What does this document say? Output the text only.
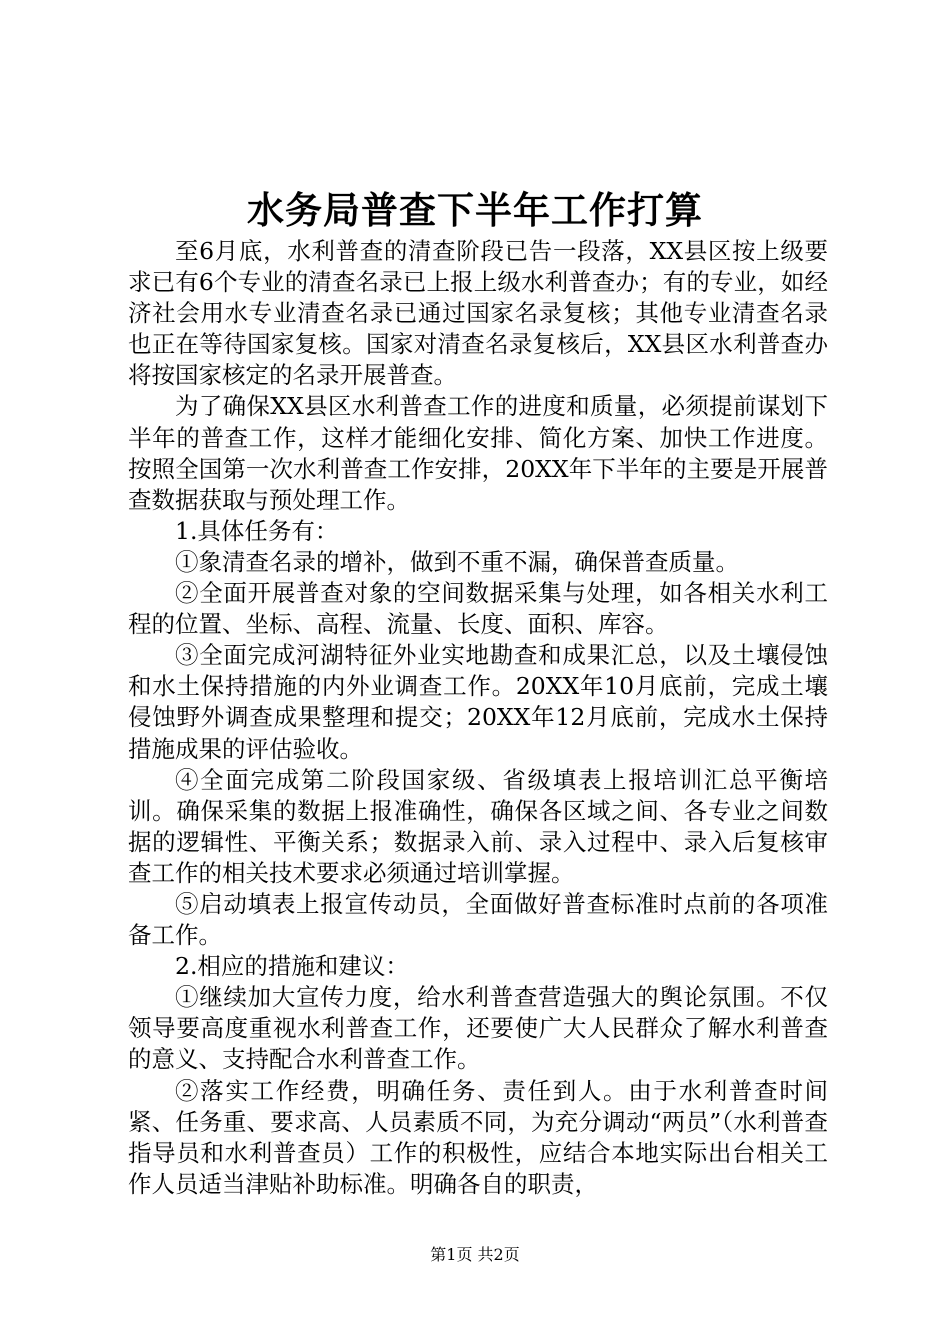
水务局普查下半年工作打算

至6月底，水利普查的清查阶段已告一段落，XX县区按上级要求已有6个专业的清查名录已上报上级水利普查办；有的专业，如经济社会用水专业清查名录已通过国家名录复核；其他专业清查名录也正在等待国家复核。国家对清查名录复核后，XX县区水利普查办将按国家核定的名录开展普查。

为了确保XX县区水利普查工作的进度和质量，必须提前谋划下半年的普查工作，这样才能细化安排、简化方案、加快工作进度。按照全国第一次水利普查工作安排，20XX年下半年的主要是开展普查数据获取与预处理工作。

1.具体任务有：

①象清查名录的增补，做到不重不漏，确保普查质量。

②全面开展普查对象的空间数据采集与处理，如各相关水利工程的位置、坐标、高程、流量、长度、面积、库容。

③全面完成河湖特征外业实地勘查和成果汇总，以及土壤侵蚀和水土保持措施的内外业调查工作。20XX年10月底前，完成土壤侵蚀野外调查成果整理和提交；20XX年12月底前，完成水土保持措施成果的评估验收。

④全面完成第二阶段国家级、省级填表上报培训汇总平衡培训。确保采集的数据上报准确性，确保各区域之间、各专业之间数据的逻辑性、平衡关系；数据录入前、录入过程中、录入后复核审查工作的相关技术要求必须通过培训掌握。

⑤启动填表上报宣传动员，全面做好普查标准时点前的各项准备工作。

2.相应的措施和建议：

①继续加大宣传力度，给水利普查营造强大的舆论氛围。不仅领导要高度重视水利普查工作，还要使广大人民群众了解水利普查的意义、支持配合水利普查工作。

②落实工作经费，明确任务、责任到人。由于水利普查时间紧、任务重、要求高、人员素质不同，为充分调动“两员”（水利普查指导员和水利普查员）工作的积极性，应结合本地实际出台相关工作人员适当津贴补助标准。明确各自的职责，

第1页 共2页
